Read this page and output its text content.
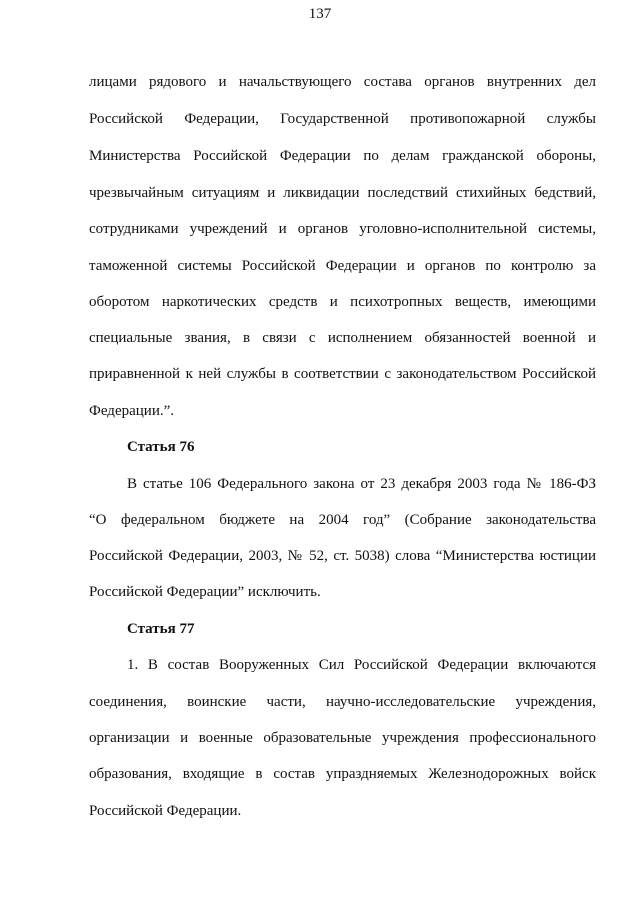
137
лицами рядового и начальствующего состава органов внутренних дел
Российской Федерации, Государственной противопожарной службы
Министерства Российской Федерации по делам гражданской обороны,
чрезвычайным ситуациям и ликвидации последствий стихийных бедствий,
сотрудниками учреждений и органов уголовно-исполнительной системы,
таможенной системы Российской Федерации и органов по контролю за
оборотом наркотических средств и психотропных веществ, имеющими
специальные звания, в связи с исполнением обязанностей военной и
приравненной к ней службы в соответствии с законодательством Российской
Федерации.”.
Статья 76
В статье 106 Федерального закона от 23 декабря 2003 года № 186-ФЗ
“О федеральном бюджете на 2004 год” (Собрание законодательства
Российской Федерации, 2003, № 52, ст. 5038) слова “Министерства юстиции
Российской Федерации” исключить.
Статья 77
1. В состав Вооруженных Сил Российской Федерации включаются
соединения, воинские части, научно-исследовательские учреждения,
организации и военные образовательные учреждения профессионального
образования, входящие в состав упраздняемых Железнодорожных войск
Российской Федерации.
